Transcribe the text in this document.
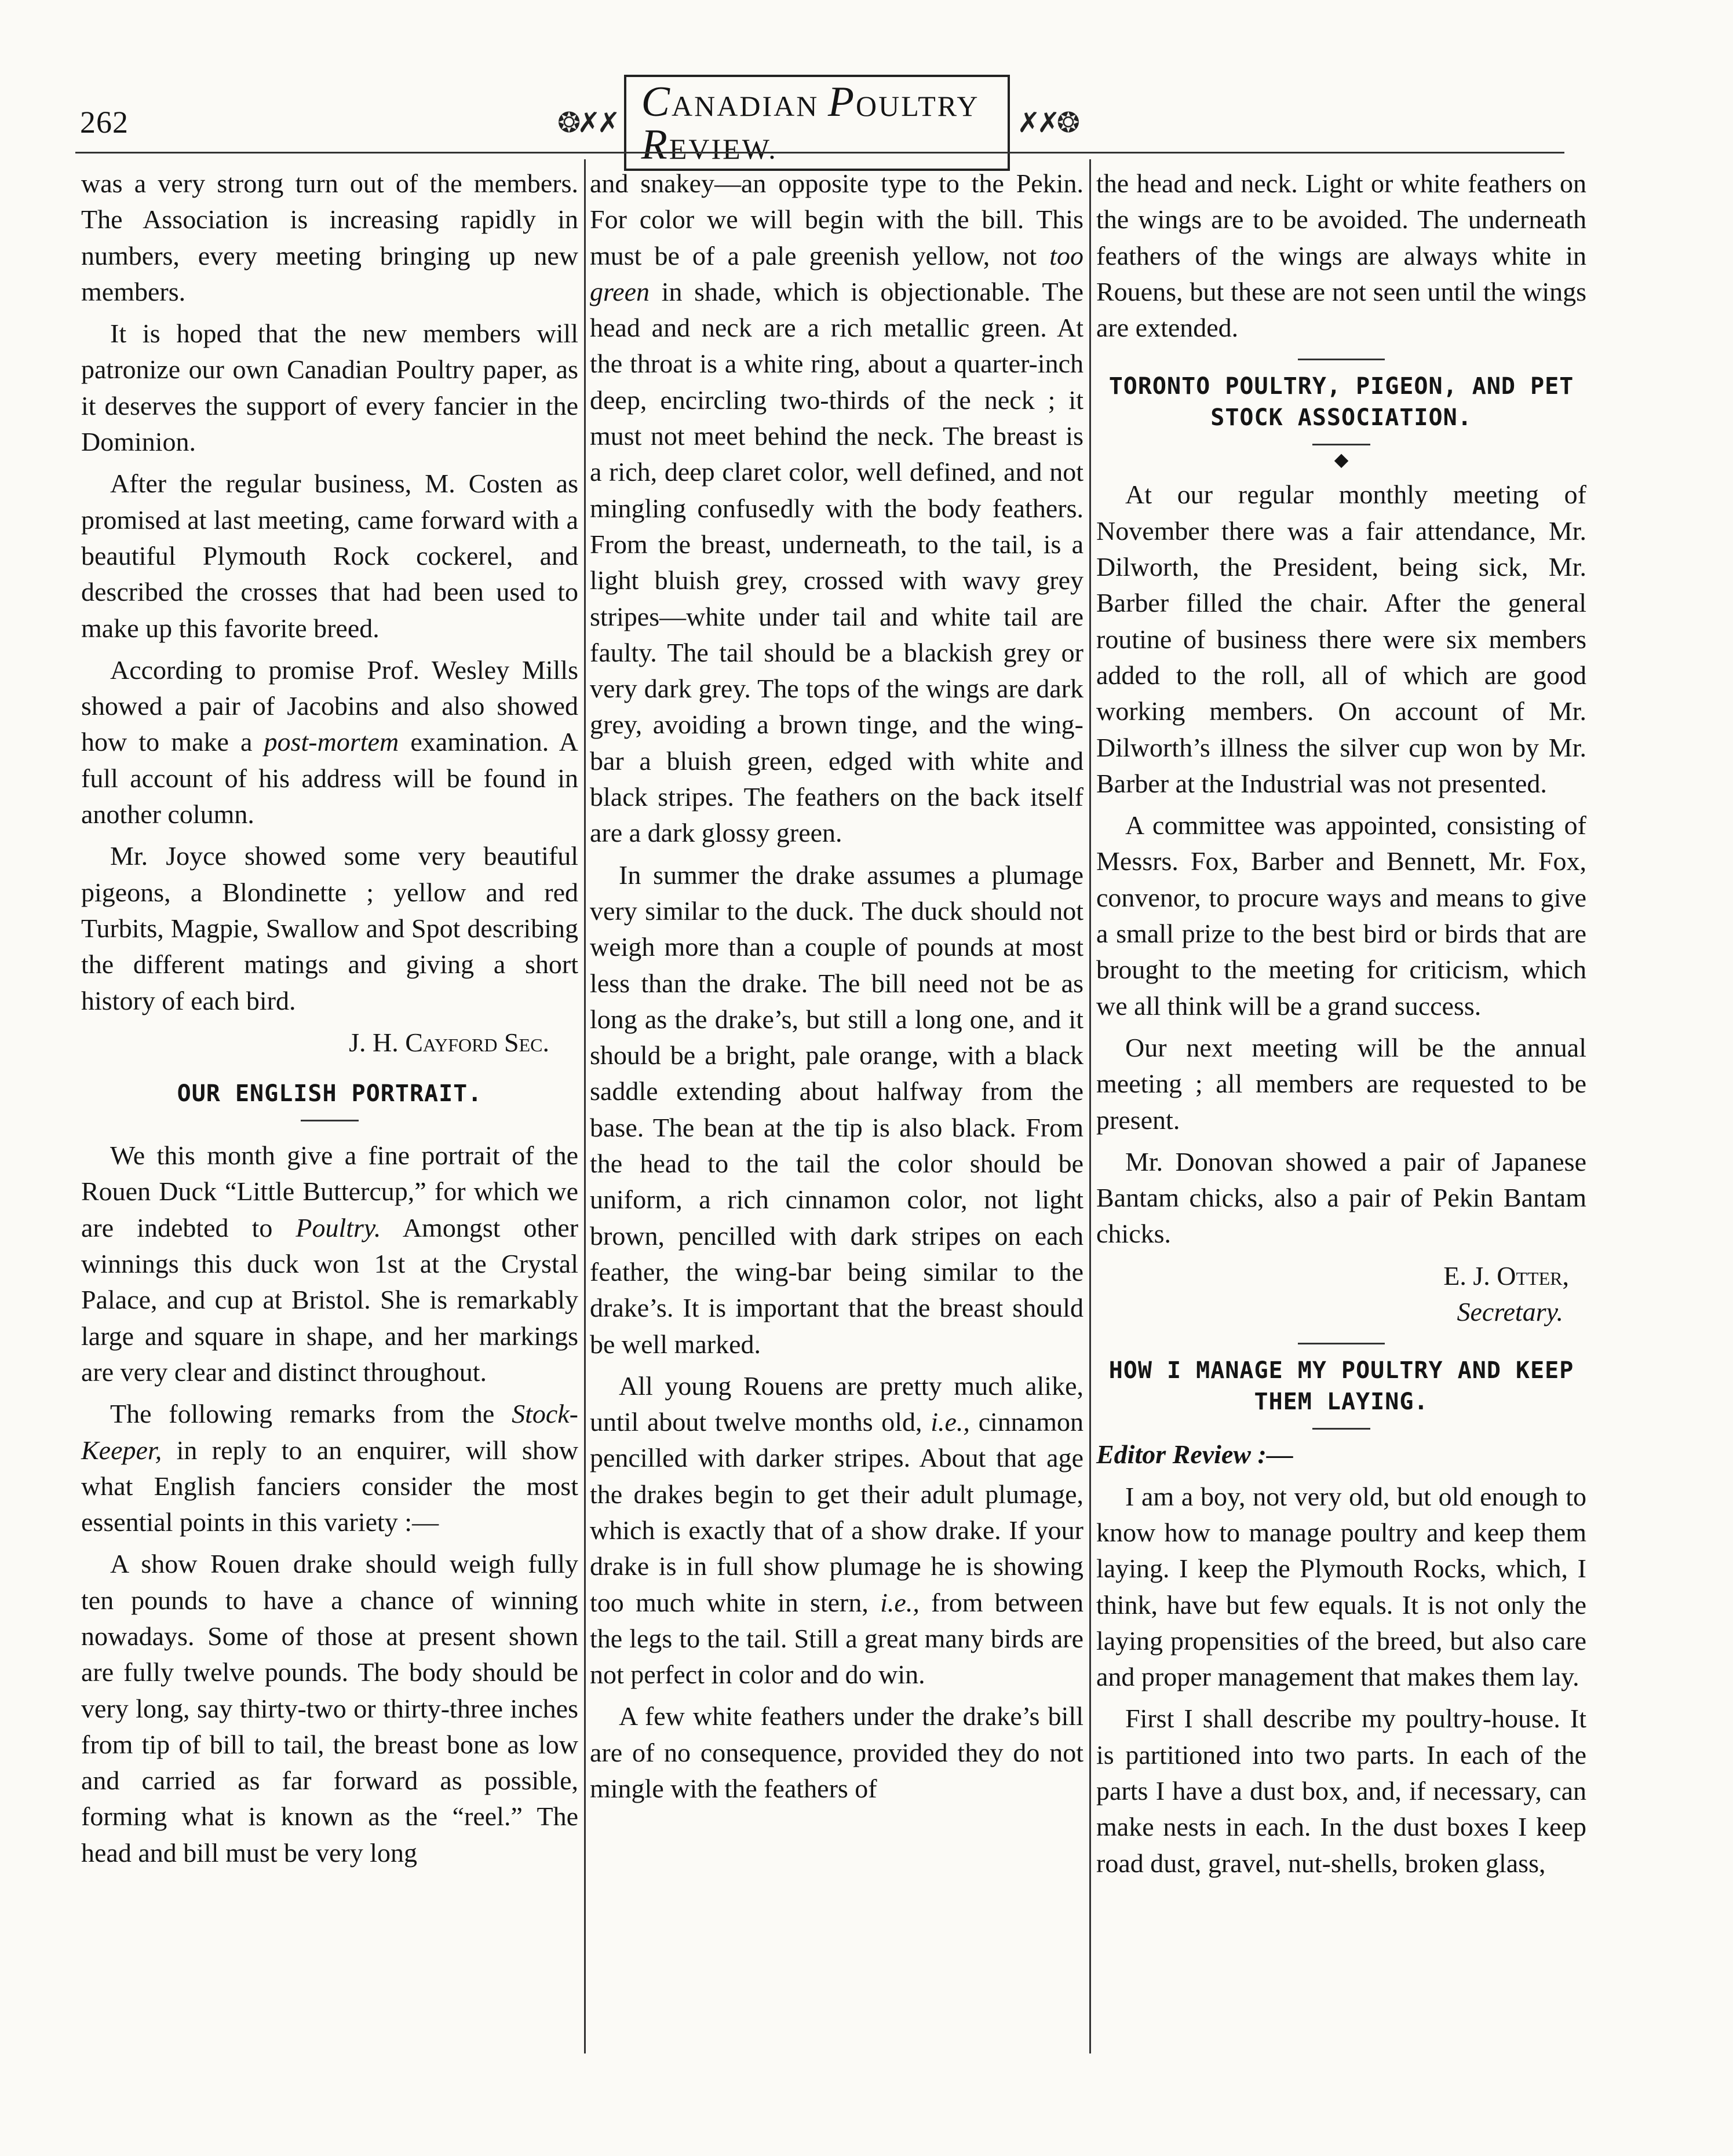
262	❂✗✗ CANADIAN POULTRY REVIEW.
✗✗❂

was a very strong turn out of the members. The Association is increasing rapidly in numbers, every meeting bringing up new members.

It is hoped that the new members will patronize our own Canadian Poultry paper, as it deserves the support of every fancier in the Dominion.

After the regular business, M. Costen as promised at last meeting, came forward with a beautiful Plymouth Rock cockerel, and described the crosses that had been used to make up this favorite breed.

According to promise Prof. Wesley Mills showed a pair of Jacobins and also showed how to make a post-mortem examination. A full account of his address will be found in another column.

Mr. Joyce showed some very beautiful pigeons, a Blondinette ; yellow and red Turbits, Magpie, Swallow and Spot describing the different matings and giving a short history of each bird.

J. H. Cayford Sec.

OUR ENGLISH PORTRAIT.

We this month give a fine portrait of the Rouen Duck “Little Buttercup,” for which we are indebted to Poultry. Amongst other winnings this duck won 1st at the Crystal Palace, and cup at Bristol. She is remarkably large and square in shape, and her markings are very clear and distinct throughout.

The following remarks from the Stock-Keeper, in reply to an enquirer, will show what English fanciers consider the most essential points in this variety :—

A show Rouen drake should weigh fully ten pounds to have a chance of winning nowadays. Some of those at present shown are fully twelve pounds. The body should be very long, say thirty-two or thirty-three inches from tip of bill to tail, the breast bone as low and carried as far forward as possible, forming what is known as the “reel.” The head and bill must be very long

and snakey—an opposite type to the Pekin. For color we will begin with the bill. This must be of a pale greenish yellow, not too green in shade, which is objectionable. The head and neck are a rich metallic green. At the throat is a white ring, about a quarter-inch deep, encircling two-thirds of the neck ; it must not meet behind the neck. The breast is a rich, deep claret color, well defined, and not mingling confusedly with the body feathers. From the breast, underneath, to the tail, is a light bluish grey, crossed with wavy grey stripes—white under tail and white tail are faulty. The tail should be a blackish grey or very dark grey. The tops of the wings are dark grey, avoiding a brown tinge, and the wing-bar a bluish green, edged with white and black stripes. The feathers on the back itself are a dark glossy green.

In summer the drake assumes a plumage very similar to the duck. The duck should not weigh more than a couple of pounds at most less than the drake. The bill need not be as long as the drake’s, but still a long one, and it should be a bright, pale orange, with a black saddle extending about halfway from the base. The bean at the tip is also black. From the head to the tail the color should be uniform, a rich cinnamon color, not light brown, pencilled with dark stripes on each feather, the wing-bar being similar to the drake’s. It is important that the breast should be well marked.

All young Rouens are pretty much alike, until about twelve months old, i.e., cinnamon pencilled with darker stripes. About that age the drakes begin to get their adult plumage, which is exactly that of a show drake. If your drake is in full show plumage he is showing too much white in stern, i.e., from between the legs to the tail. Still a great many birds are not perfect in color and do win.

A few white feathers under the drake’s bill are of no consequence, provided they do not mingle with the feathers of

the head and neck. Light or white feathers on the wings are to be avoided. The underneath feathers of the wings are always white in Rouens, but these are not seen until the wings are extended.

TORONTO POULTRY, PIGEON, AND PET STOCK ASSOCIATION.
◆

At our regular monthly meeting of November there was a fair attendance, Mr. Dilworth, the President, being sick, Mr. Barber filled the chair. After the general routine of business there were six members added to the roll, all of which are good working members. On account of Mr. Dilworth’s illness the silver cup won by Mr. Barber at the Industrial was not presented.

A committee was appointed, consisting of Messrs. Fox, Barber and Bennett, Mr. Fox, convenor, to procure ways and means to give a small prize to the best bird or birds that are brought to the meeting for criticism, which we all think will be a grand success.

Our next meeting will be the annual meeting ; all members are requested to be present.

Mr. Donovan showed a pair of Japanese Bantam chicks, also a pair of Pekin Bantam chicks.

E. J. Otter,

Secretary.

HOW I MANAGE MY POULTRY AND KEEP THEM LAYING.

Editor Review :—

I am a boy, not very old, but old enough to know how to manage poultry and keep them laying. I keep the Plymouth Rocks, which, I think, have but few equals. It is not only the laying propensities of the breed, but also care and proper management that makes them lay.

First I shall describe my poultry-house. It is partitioned into two parts. In each of the parts I have a dust box, and, if necessary, can make nests in each. In the dust boxes I keep road dust, gravel, nut-shells, broken glass,
